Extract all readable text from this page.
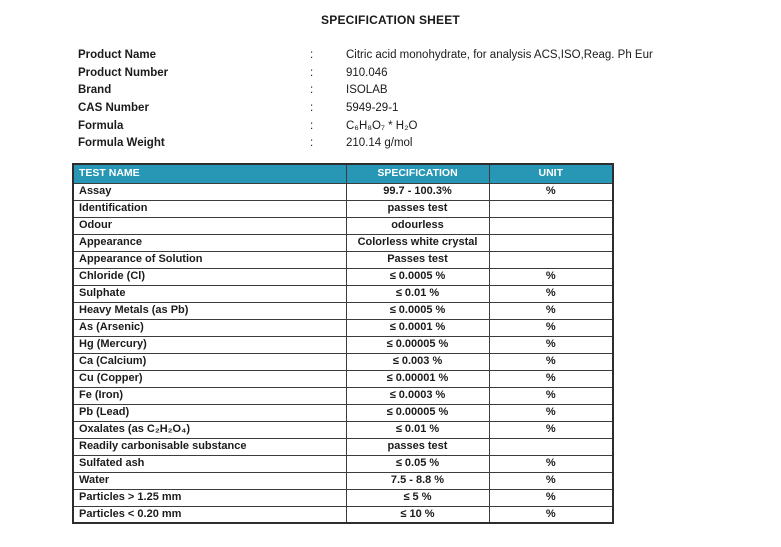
SPECIFICATION SHEET
Product Name	:	Citric acid monohydrate, for analysis ACS,ISO,Reag. Ph Eur
Product Number	:	910.046
Brand	:	ISOLAB
CAS Number	:	5949-29-1
Formula	:	C₆H₈O₇ * H₂O
Formula Weight	:	210.14 g/mol
TEST NAME	SPECIFICATION	UNIT
Assay	99.7 - 100.3%	%
Identification	passes test	
Odour	odourless	
Appearance	Colorless white crystal	
Appearance of Solution	Passes test	
Chloride (Cl)	≤ 0.0005 %	%
Sulphate	≤ 0.01 %	%
Heavy Metals (as Pb)	≤ 0.0005 %	%
As (Arsenic)	≤ 0.0001 %	%
Hg (Mercury)	≤ 0.00005 %	%
Ca (Calcium)	≤ 0.003 %	%
Cu (Copper)	≤ 0.00001 %	%
Fe (Iron)	≤ 0.0003 %	%
Pb (Lead)	≤ 0.00005 %	%
Oxalates (as C₂H₂O₄)	≤ 0.01 %	%
Readily carbonisable substance	passes test	
Sulfated ash	≤ 0.05 %	%
Water	7.5 - 8.8 %	%
Particles > 1.25 mm	≤ 5 %	%
Particles < 0.20 mm	≤ 10 %	%
